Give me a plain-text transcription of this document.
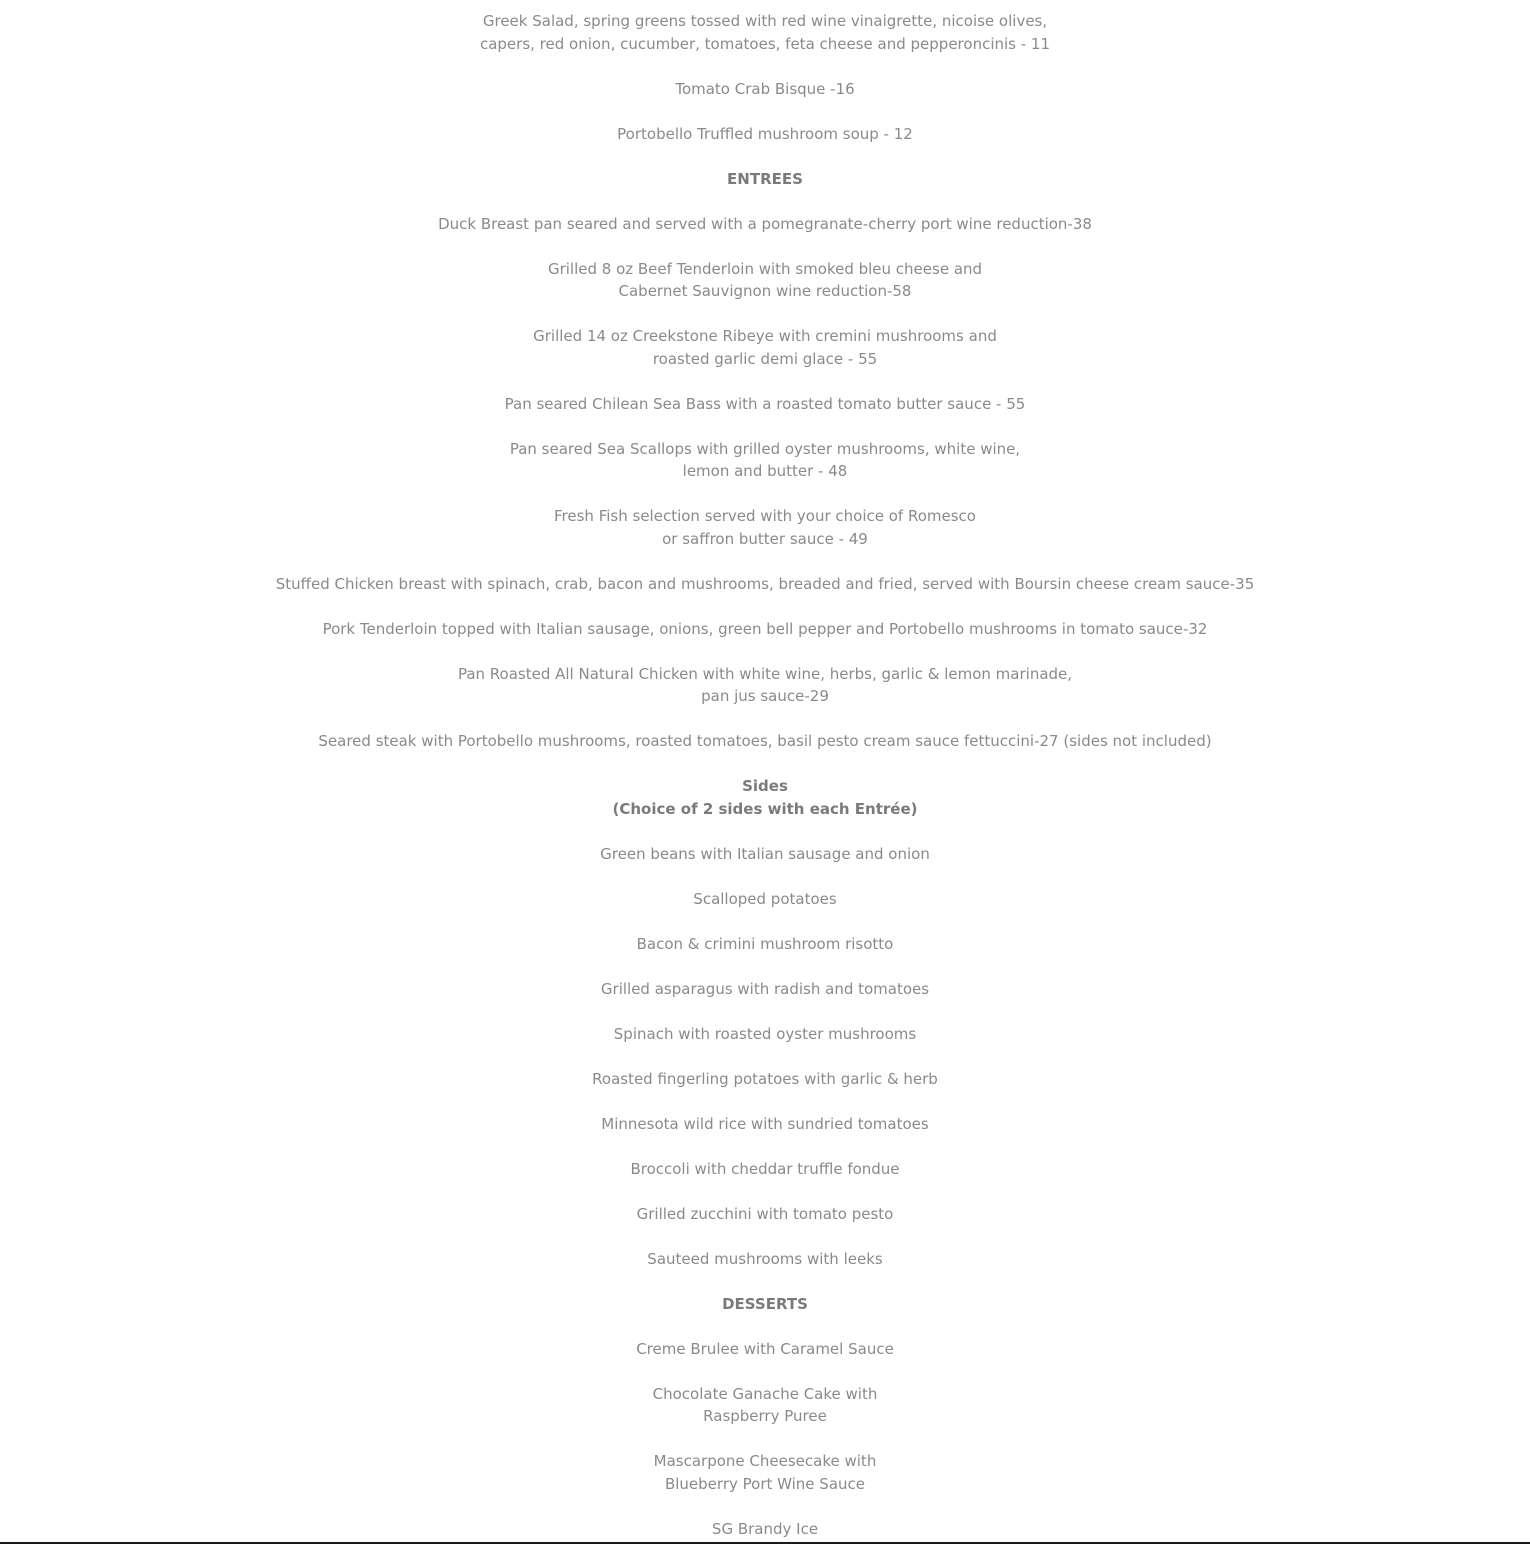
Greek Salad, spring greens tossed with red wine vinaigrette, nicoise olives,
capers, red onion, cucumber, tomatoes, feta cheese and pepperoncinis - 11

Tomato Crab Bisque -16

Portobello Truffled mushroom soup - 12

ENTREES

Duck Breast pan seared and served with a pomegranate-cherry port wine reduction-38

Grilled 8 oz Beef Tenderloin with smoked bleu cheese and
Cabernet Sauvignon wine reduction-58

Grilled 14 oz Creekstone Ribeye with cremini mushrooms and
roasted garlic demi glace - 55

Pan seared Chilean Sea Bass with a roasted tomato butter sauce - 55

Pan seared Sea Scallops with grilled oyster mushrooms, white wine,
lemon and butter - 48

Fresh Fish selection served with your choice of Romesco
or saffron butter sauce - 49

Stuffed Chicken breast with spinach, crab, bacon and mushrooms, breaded and fried, served with Boursin cheese cream sauce-35

Pork Tenderloin topped with Italian sausage, onions, green bell pepper and Portobello mushrooms in tomato sauce-32

Pan Roasted All Natural Chicken with white wine, herbs, garlic & lemon marinade,
pan jus sauce-29

Seared steak with Portobello mushrooms, roasted tomatoes, basil pesto cream sauce fettuccini-27 (sides not included)

Sides
(Choice of 2 sides with each Entrée)

Green beans with Italian sausage and onion

Scalloped potatoes

Bacon & crimini mushroom risotto

Grilled asparagus with radish and tomatoes

Spinach with roasted oyster mushrooms

Roasted fingerling potatoes with garlic & herb

Minnesota wild rice with sundried tomatoes

Broccoli with cheddar truffle fondue

Grilled zucchini with tomato pesto

Sauteed mushrooms with leeks

DESSERTS

Creme Brulee with Caramel Sauce

Chocolate Ganache Cake with
Raspberry Puree

Mascarpone Cheesecake with
Blueberry Port Wine Sauce

SG Brandy Ice
